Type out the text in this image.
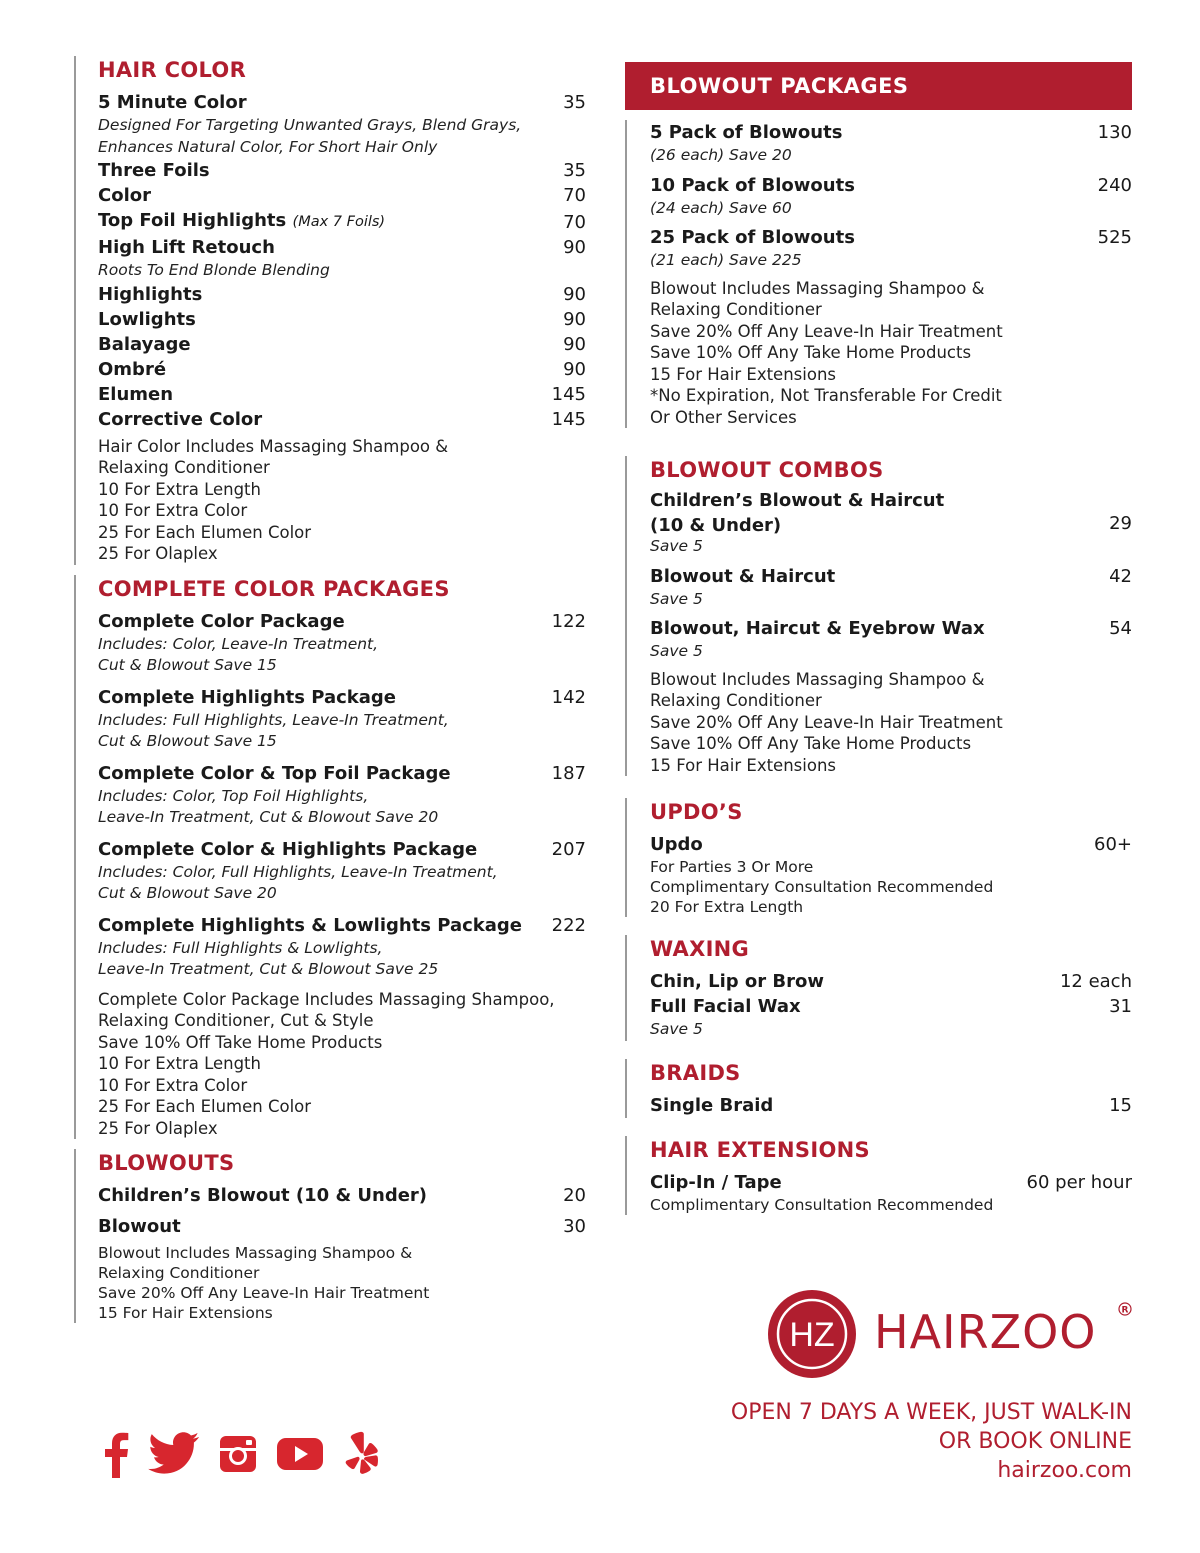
HAIR COLOR
5 Minute Color	35
Designed For Targeting Unwanted Grays, Blend Grays,
Enhances Natural Color, For Short Hair Only
Three Foils	35
Color	70
Top Foil Highlights (Max 7 Foils)	70
High Lift Retouch	90
Roots To End Blonde Blending
Highlights	90
Lowlights	90
Balayage	90
Ombré	90
Elumen	145
Corrective Color	145
Hair Color Includes Massaging Shampoo &
Relaxing Conditioner
10 For Extra Length
10 For Extra Color
25 For Each Elumen Color
25 For Olaplex
COMPLETE COLOR PACKAGES
Complete Color Package	122
Includes: Color, Leave-In Treatment,
Cut & Blowout Save 15
Complete Highlights Package	142
Includes: Full Highlights, Leave-In Treatment,
Cut & Blowout Save 15
Complete Color & Top Foil Package	187
Includes: Color, Top Foil Highlights,
Leave-In Treatment, Cut & Blowout Save 20
Complete Color & Highlights Package	207
Includes: Color, Full Highlights, Leave-In Treatment,
Cut & Blowout Save 20
Complete Highlights & Lowlights Package 222
Includes: Full Highlights & Lowlights,
Leave-In Treatment, Cut & Blowout Save 25
Complete Color Package Includes Massaging Shampoo,
Relaxing Conditioner, Cut & Style
Save 10% Off Take Home Products
10 For Extra Length
10 For Extra Color
25 For Each Elumen Color
25 For Olaplex
BLOWOUTS
Children’s Blowout (10 & Under)	20
Blowout	30
Blowout Includes Massaging Shampoo &
Relaxing Conditioner
Save 20% Off Any Leave-In Hair Treatment
15 For Hair Extensions
BLOWOUT PACKAGES
5 Pack of Blowouts	130
(26 each) Save 20
10 Pack of Blowouts	240
(24 each) Save 60
25 Pack of Blowouts	525
(21 each) Save 225
Blowout Includes Massaging Shampoo &
Relaxing Conditioner
Save 20% Off Any Leave-In Hair Treatment
Save 10% Off Any Take Home Products
15 For Hair Extensions
*No Expiration, Not Transferable For Credit
Or Other Services
BLOWOUT COMBOS
Children’s Blowout & Haircut
(10 & Under)	29
Save 5
Blowout & Haircut	42
Save 5
Blowout, Haircut & Eyebrow Wax	54
Save 5
Blowout Includes Massaging Shampoo &
Relaxing Conditioner
Save 20% Off Any Leave-In Hair Treatment
Save 10% Off Any Take Home Products
15 For Hair Extensions
UPDO’S
Updo	60+
For Parties 3 Or More
Complimentary Consultation Recommended
20 For Extra Length
WAXING
Chin, Lip or Brow	12 each
Full Facial Wax	31
Save 5
BRAIDS
Single Braid	15
HAIR EXTENSIONS
Clip-In / Tape	60 per hour
Complimentary Consultation Recommended
HZ HAIRZOO	R
OPEN 7 DAYS A WEEK, JUST WALK-IN
OR BOOK ONLINE
hairzoo.com
